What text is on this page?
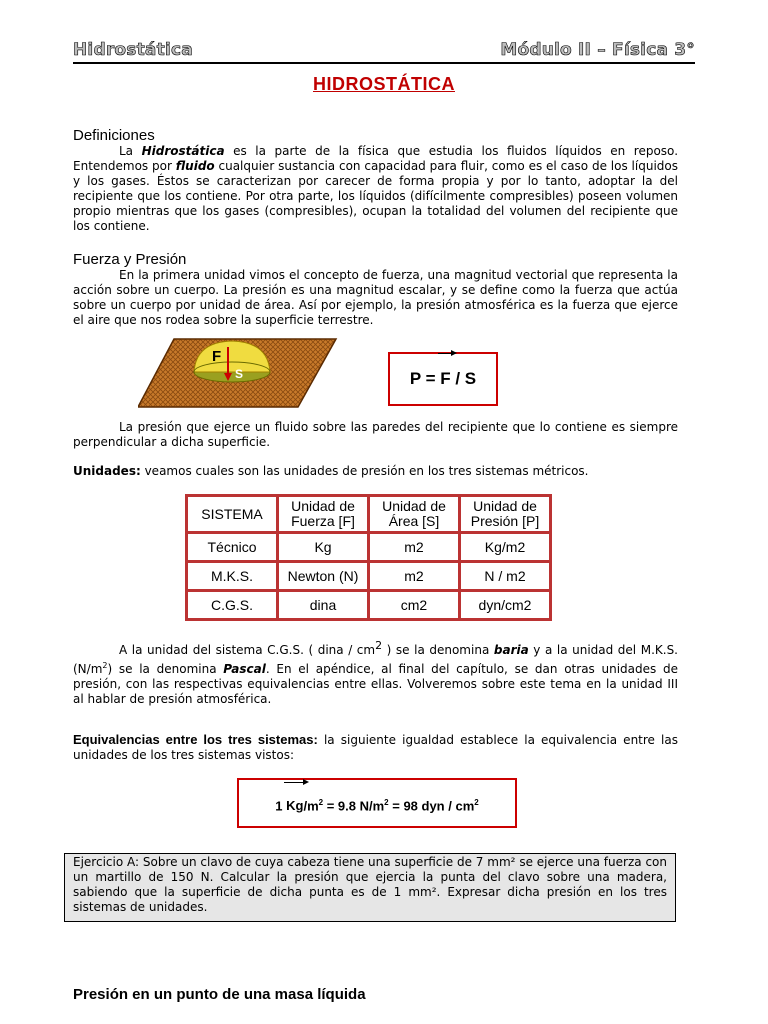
Hidrostática	Módulo II – Física 3°
HIDROSTÁTICA
Definiciones
La Hidrostática es la parte de la física que estudia los fluidos líquidos en reposo. Entendemos por fluido cualquier sustancia con capacidad para fluir, como es el caso de los líquidos y los gases. Éstos se caracterizan por carecer de forma propia y por lo tanto, adoptar la del recipiente que los contiene. Por otra parte, los líquidos (difícilmente compresibles) poseen volumen propio mientras que los gases (compresibles), ocupan la totalidad del volumen del recipiente que los contiene.
Fuerza y Presión
En la primera unidad vimos el concepto de fuerza, una magnitud vectorial que representa la acción sobre un cuerpo. La presión es una magnitud escalar, y se define como la fuerza que actúa sobre un cuerpo por unidad de área. Así por ejemplo, la presión atmosférica es la fuerza que ejerce el aire que nos rodea sobre la superficie terrestre.
F
S	P = F / S
La presión que ejerce un fluido sobre las paredes del recipiente que lo contiene es siempre perpendicular a dicha superficie.
Unidades: veamos cuales son las unidades de presión en los tres sistemas métricos.
SISTEMA	Unidad de Fuerza [F]	Unidad de Área [S]	Unidad de Presión [P]
Técnico	Kg	m2	Kg/m2
M.K.S.	Newton (N)	m2	N / m2
C.G.S.	dina	cm2	dyn/cm2
A la unidad del sistema C.G.S. ( dina / $cm^2$ ) se la denomina baria y a la unidad del M.K.S. $(N/m^2)$ se la denomina Pascal. En el apéndice, al final del capítulo, se dan otras unidades de presión, con las respectivas equivalencias entre ellas. Volveremos sobre este tema en la unidad III al hablar de presión atmosférica.
Equivalencias entre los tres sistemas: la siguiente igualdad establece la equivalencia entre las unidades de los tres sistemas vistos:
1 $Kg/m^2 = 9.8$ $N/m^2 = 98$ dyn / $cm^2$
Ejercicio A: Sobre un clavo de cuya cabeza tiene una superficie de 7 mm² se ejerce una fuerza con un martillo de 150 N. Calcular la presión que ejercia la punta del clavo sobre una madera, sabiendo que la superficie de dicha punta es de 1 mm². Expresar dicha presión en los tres sistemas de unidades.
Presión en un punto de una masa líquida
